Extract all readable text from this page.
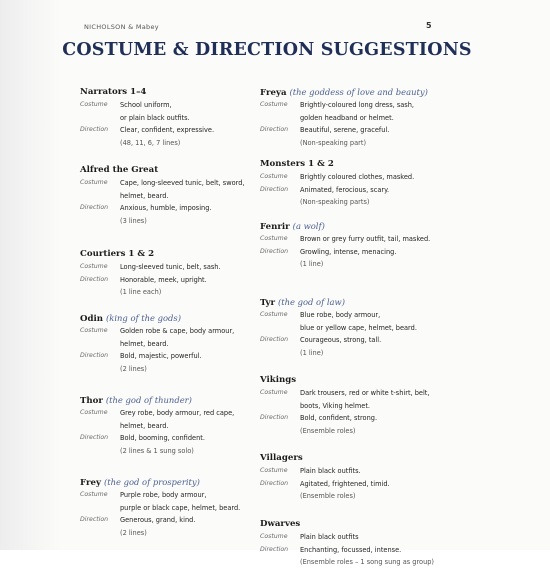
NICHOLSON & Mabey	5
COSTUME & DIRECTION SUGGESTIONS
Narrators 1–4
Costume	School uniform,
or plain black outfits.
Direction	Clear, confident, expressive.
(48, 11, 6, 7 lines)
Alfred the Great
Costume	Cape, long-sleeved tunic, belt, sword,
helmet, beard.
Direction	Anxious, humble, imposing.
(3 lines)
Courtiers 1 & 2
Costume	Long-sleeved tunic, belt, sash.
Direction	Honorable, meek, upright.
(1 line each)
Odin (king of the gods)
Costume	Golden robe & cape, body armour,
helmet, beard.
Direction	Bold, majestic, powerful.
(2 lines)
Thor (the god of thunder)
Costume	Grey robe, body armour, red cape,
helmet, beard.
Direction	Bold, booming, confident.
(2 lines & 1 sung solo)
Frey (the god of prosperity)
Costume	Purple robe, body armour,
purple or black cape, helmet, beard.
Direction	Generous, grand, kind.
(2 lines)
Freya (the goddess of love and beauty)
Costume	Brightly-coloured long dress, sash,
golden headband or helmet.
Direction	Beautiful, serene, graceful.
(Non-speaking part)
Monsters 1 & 2
Costume	Brightly coloured clothes, masked.
Direction	Animated, ferocious, scary.
(Non-speaking parts)
Fenrir (a wolf)
Costume	Brown or grey furry outfit, tail, masked.
Direction	Growling, intense, menacing.
(1 line)
Tyr (the god of law)
Costume	Blue robe, body armour,
blue or yellow cape, helmet, beard.
Direction	Courageous, strong, tall.
(1 line)
Vikings
Costume	Dark trousers, red or white t-shirt, belt,
boots, Viking helmet.
Direction	Bold, confident, strong.
(Ensemble roles)
Villagers
Costume	Plain black outfits.
Direction	Agitated, frightened, timid.
(Ensemble roles)
Dwarves
Costume	Plain black outfits
Direction	Enchanting, focussed, intense.
(Ensemble roles – 1 song sung as group)
